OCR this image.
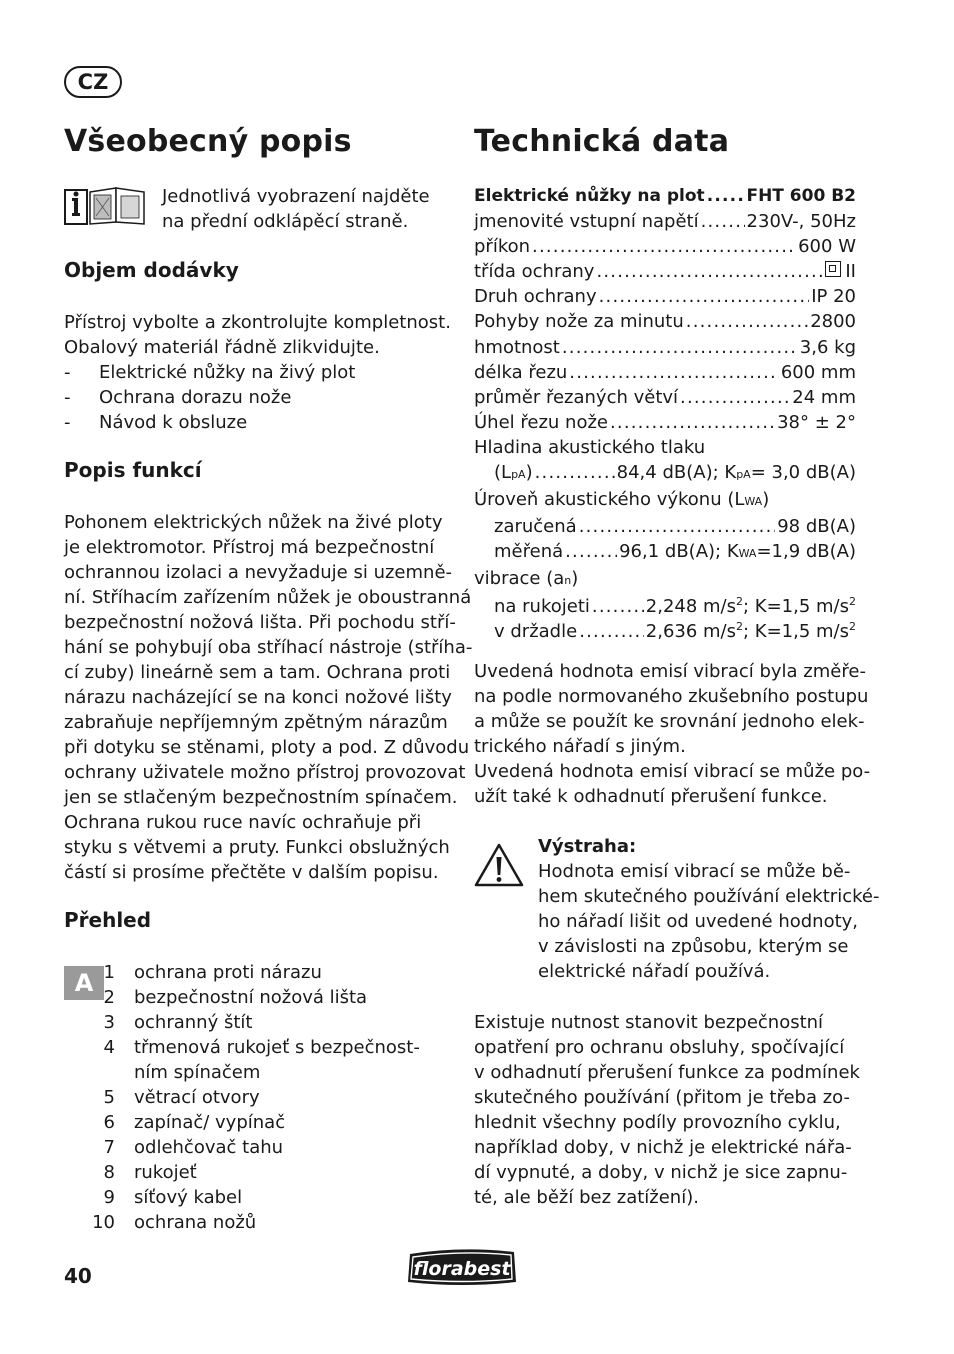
CZ
Všeobecný popis

Jednotlivá vyobrazení najděte

na přední odklápěcí straně.

Objem dodávky

Přístroj vybolte a zkontrolujte kompletnost.

Obalový materiál řádně zlikvidujte.

- Elektrické nůžky na živý plot
- Ochrana dorazu nože
- Návod k obsluze
Popis funkcí

Pohonem elektrických nůžek na živé ploty

je elektromotor. Přístroj má bezpečnostní

ochrannou izolaci a nevyžaduje si uzemně-

ní. Stříhacím zařízením nůžek je oboustranná

bezpečnostní nožová lišta. Při pochodu stří-

hání se pohybují oba stříhací nástroje (stříha-

cí zuby) lineárně sem a tam. Ochrana proti

nárazu nacházející se na konci nožové lišty

zabraňuje nepříjemným zpětným nárazům

při dotyku se stěnami, ploty a pod. Z důvodu

ochrany uživatele možno přístroj provozovat

jen se stlačeným bezpečnostním spínačem.

Ochrana rukou ruce navíc ochraňuje při

styku s větvemi a pruty. Funkci obslužných

částí si prosíme přečtěte v dalším popisu.

Přehled
A 1	ochrana proti nárazu
2	bezpečnostní nožová lišta
3	ochranný štít
4	třmenová rukojeť s bezpečnost-
ním spínačem
5	větrací otvory
6	zapínač/ vypínač
7	odlehčovač tahu
8	rukojeť
9	síťový kabel
10	ochrana nožů
Technická data
Elektrické nůžky na plot ..... FHT 600 B2
jmenovité vstupní napětí .....	230V-, 50Hz
příkon .....	600 W
třída ochrany .....	II
Druh ochrany .....	IP 20
Pohyby nože za minutu .....	2800
hmotnost .....	3,6 kg
délka řezu .....	600 mm
průměr řezaných větví .....	24 mm
Úhel řezu nože .....	38° ± 2°
Hladina akustického tlaku
(LpA) .....	84,4 dB(A); KpA= 3,0 dB(A)
Úroveň akustického výkonu (LWA)
zaručená .....	98 dB(A)
měřená .....	96,1 dB(A); KWA=1,9 dB(A)
vibrace (an)
na rukojeti .....	2,248 $m/s^2$; K=1,5 $m/s^2$
v držadle .....	2,636 $m/s^2$; K=1,5 $m/s^2$

Uvedená hodnota emisí vibrací byla změře-

na podle normovaného zkušebního postupu

a může se použít ke srovnání jednoho elek-

trického nářadí s jiným.

Uvedená hodnota emisí vibrací se může po-

užít také k odhadnutí přerušení funkce.

Výstraha:

Hodnota emisí vibrací se může bě-

hem skutečného používání elektrické-

ho nářadí lišit od uvedené hodnoty,

v závislosti na způsobu, kterým se

elektrické nářadí používá.

Existuje nutnost stanovit bezpečnostní

opatření pro ochranu obsluhy, spočívající

v odhadnutí přerušení funkce za podmínek

skutečného používání (přitom je třeba zo-

hlednit všechny podíly provozního cyklu,

například doby, v nichž je elektrické nářa-

dí vypnuté, a doby, v nichž je sice zapnu-

té, ale běží bez zatížení).

40	florabest
